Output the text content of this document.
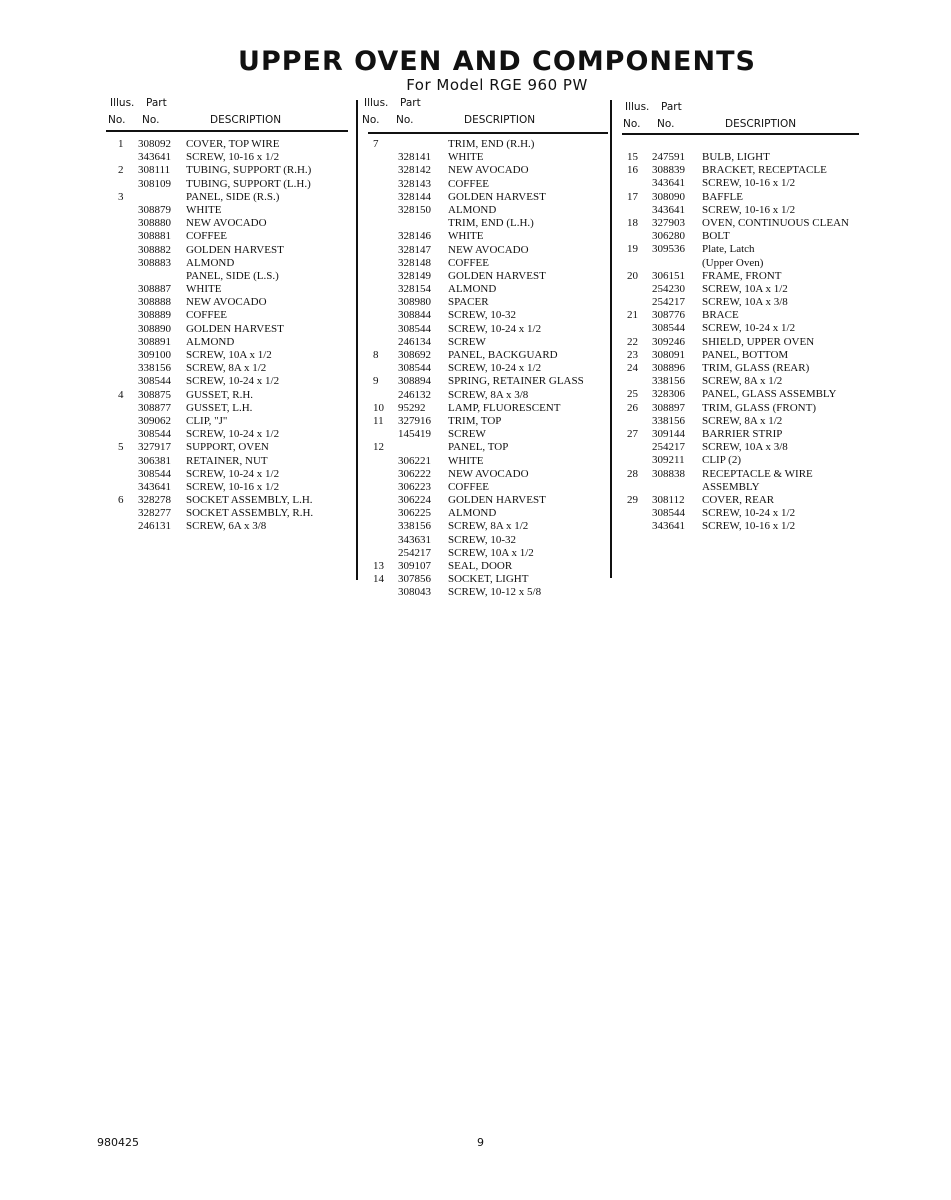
UPPER OVEN AND COMPONENTS
For Model RGE 960 PW
Illus. Part
No. No.	DESCRIPTION
1 308092 COVER, TOP WIRE
343641 SCREW, 10-16 x 1/2
2 308111 TUBING, SUPPORT (R.H.)
308109 TUBING, SUPPORT (L.H.)
3	PANEL, SIDE (R.S.)
308879 WHITE
308880 NEW AVOCADO
308881 COFFEE
308882 GOLDEN HARVEST
308883 ALMOND
PANEL, SIDE (L.S.)
308887 WHITE
308888 NEW AVOCADO
308889 COFFEE
308890 GOLDEN HARVEST
308891 ALMOND
309100 SCREW, 10A x 1/2
338156 SCREW, 8A x 1/2
308544 SCREW, 10-24 x 1/2
4 308875 GUSSET, R.H.
308877 GUSSET, L.H.
309062 CLIP, "J"
308544 SCREW, 10-24 x 1/2
5 327917 SUPPORT, OVEN
306381 RETAINER, NUT
308544 SCREW, 10-24 x 1/2
343641 SCREW, 10-16 x 1/2
6 328278 SOCKET ASSEMBLY, L.H.
328277 SOCKET ASSEMBLY, R.H.
246131 SCREW, 6A x 3/8
Illus. Part
No. No.	DESCRIPTION
7	TRIM, END (R.H.)
328141 WHITE
328142 NEW AVOCADO
328143 COFFEE
328144 GOLDEN HARVEST
328150 ALMOND
TRIM, END (L.H.)
328146 WHITE
328147 NEW AVOCADO
328148 COFFEE
328149 GOLDEN HARVEST
328154 ALMOND
308980 SPACER
308844 SCREW, 10-32
308544 SCREW, 10-24 x 1/2
246134 SCREW
8 308692 PANEL, BACKGUARD
308544 SCREW, 10-24 x 1/2
9 308894 SPRING, RETAINER GLASS
246132 SCREW, 8A x 3/8
10 95292 LAMP, FLUORESCENT
11 327916 TRIM, TOP
145419 SCREW
12	PANEL, TOP
306221 WHITE
306222 NEW AVOCADO
306223 COFFEE
306224 GOLDEN HARVEST
306225 ALMOND
338156 SCREW, 8A x 1/2
343631 SCREW, 10-32
254217 SCREW, 10A x 1/2
13 309107 SEAL, DOOR
14 307856 SOCKET, LIGHT
308043 SCREW, 10-12 x 5/8
Illus. Part
No. No.	DESCRIPTION
15 247591 BULB, LIGHT
16 308839 BRACKET, RECEPTACLE
343641 SCREW, 10-16 x 1/2
17 308090 BAFFLE
343641 SCREW, 10-16 x 1/2
18 327903 OVEN, CONTINUOUS CLEAN
306280 BOLT
19 309536 Plate, Latch
(Upper Oven)
20 306151 FRAME, FRONT
254230 SCREW, 10A x 1/2
254217 SCREW, 10A x 3/8
21 308776 BRACE
308544 SCREW, 10-24 x 1/2
22 309246 SHIELD, UPPER OVEN
23 308091 PANEL, BOTTOM
24 308896 TRIM, GLASS (REAR)
338156 SCREW, 8A x 1/2
25 328306 PANEL, GLASS ASSEMBLY
26 308897 TRIM, GLASS (FRONT)
338156 SCREW, 8A x 1/2
27 309144 BARRIER STRIP
254217 SCREW, 10A x 3/8
309211 CLIP (2)
28 308838 RECEPTACLE & WIRE
ASSEMBLY
29 308112 COVER, REAR
308544 SCREW, 10-24 x 1/2
343641 SCREW, 10-16 x 1/2
980425	9
